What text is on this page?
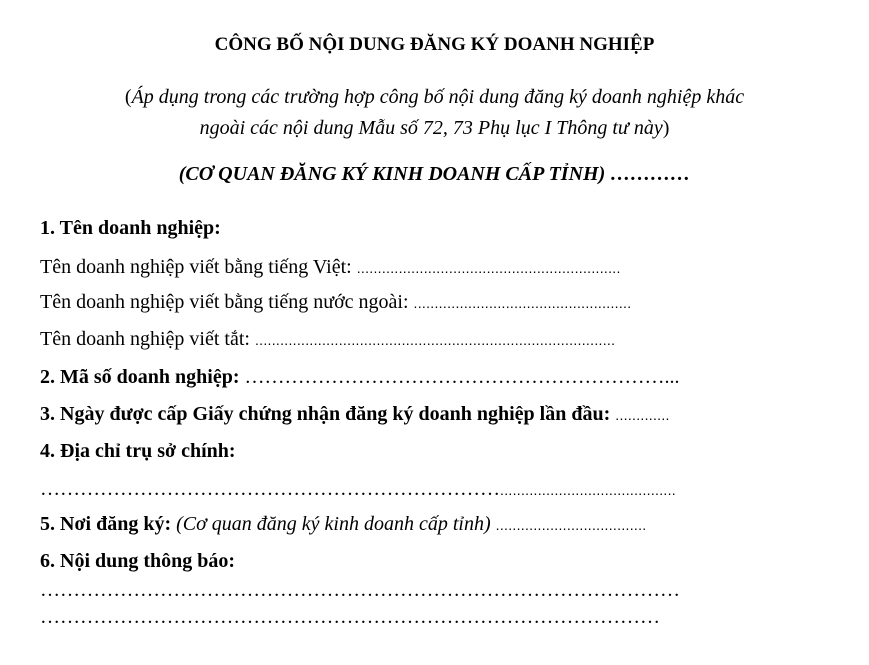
CÔNG BỐ NỘI DUNG ĐĂNG KÝ DOANH NGHIỆP
(Áp dụng trong các trường hợp công bố nội dung đăng ký doanh nghiệp khác
ngoài các nội dung Mẫu số 72, 73 Phụ lục I Thông tư này)
(CƠ QUAN ĐĂNG KÝ KINH DOANH CẤP TỈNH) …………
1. Tên doanh nghiệp:
Tên doanh nghiệp viết bằng tiếng Việt: ...............................................................
Tên doanh nghiệp viết bằng tiếng nước ngoài: ....................................................
Tên doanh nghiệp viết tắt: ......................................................................................
2. Mã số doanh nghiệp: ………………………………………………………...
3. Ngày được cấp Giấy chứng nhận đăng ký doanh nghiệp lần đầu: .............
4. Địa chỉ trụ sở chính:
……………………………………………………………..........................................
5. Nơi đăng ký: (Cơ quan đăng ký kinh doanh cấp tỉnh) ....................................
6. Nội dung thông báo:
……………………………………………………………………………………
…………………………………………………………………………………
